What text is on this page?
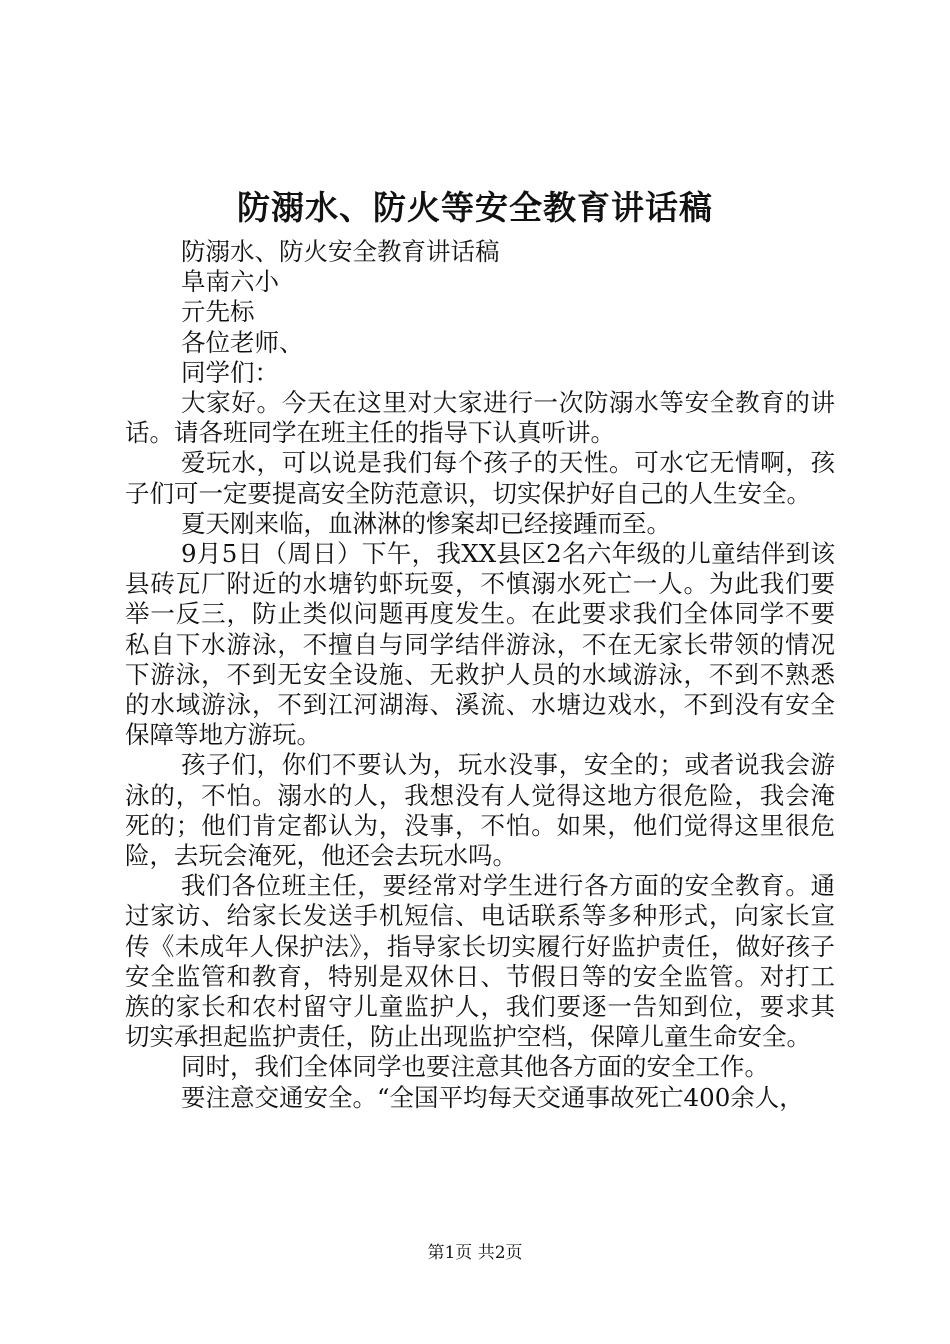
防溺水、防火等安全教育讲话稿

防溺水、防火安全教育讲话稿

阜南六小

亓先标

各位老师、

同学们：

大家好。今天在这里对大家进行一次防溺水等安全教育的讲话。请各班同学在班主任的指导下认真听讲。

爱玩水，可以说是我们每个孩子的天性。可水它无情啊，孩子们可一定要提高安全防范意识，切实保护好自己的人生安全。

夏天刚来临，血淋淋的惨案却已经接踵而至。

9月5日（周日）下午，我XX县区2名六年级的儿童结伴到该县砖瓦厂附近的水塘钓虾玩耍，不慎溺水死亡一人。为此我们要举一反三，防止类似问题再度发生。在此要求我们全体同学不要私自下水游泳，不擅自与同学结伴游泳，不在无家长带领的情况下游泳，不到无安全设施、无救护人员的水域游泳，不到不熟悉的水域游泳，不到江河湖海、溪流、水塘边戏水，不到没有安全保障等地方游玩。

孩子们，你们不要认为，玩水没事，安全的；或者说我会游泳的，不怕。溺水的人，我想没有人觉得这地方很危险，我会淹死的；他们肯定都认为，没事，不怕。如果，他们觉得这里很危险，去玩会淹死，他还会去玩水吗。

我们各位班主任，要经常对学生进行各方面的安全教育。通过家访、给家长发送手机短信、电话联系等多种形式，向家长宣传《未成年人保护法》，指导家长切实履行好监护责任，做好孩子安全监管和教育，特别是双休日、节假日等的安全监管。对打工族的家长和农村留守儿童监护人，我们要逐一告知到位，要求其切实承担起监护责任，防止出现监护空档，保障儿童生命安全。

同时，我们全体同学也要注意其他各方面的安全工作。

要注意交通安全。“全国平均每天交通事故死亡400余人，

第1页 共2页
